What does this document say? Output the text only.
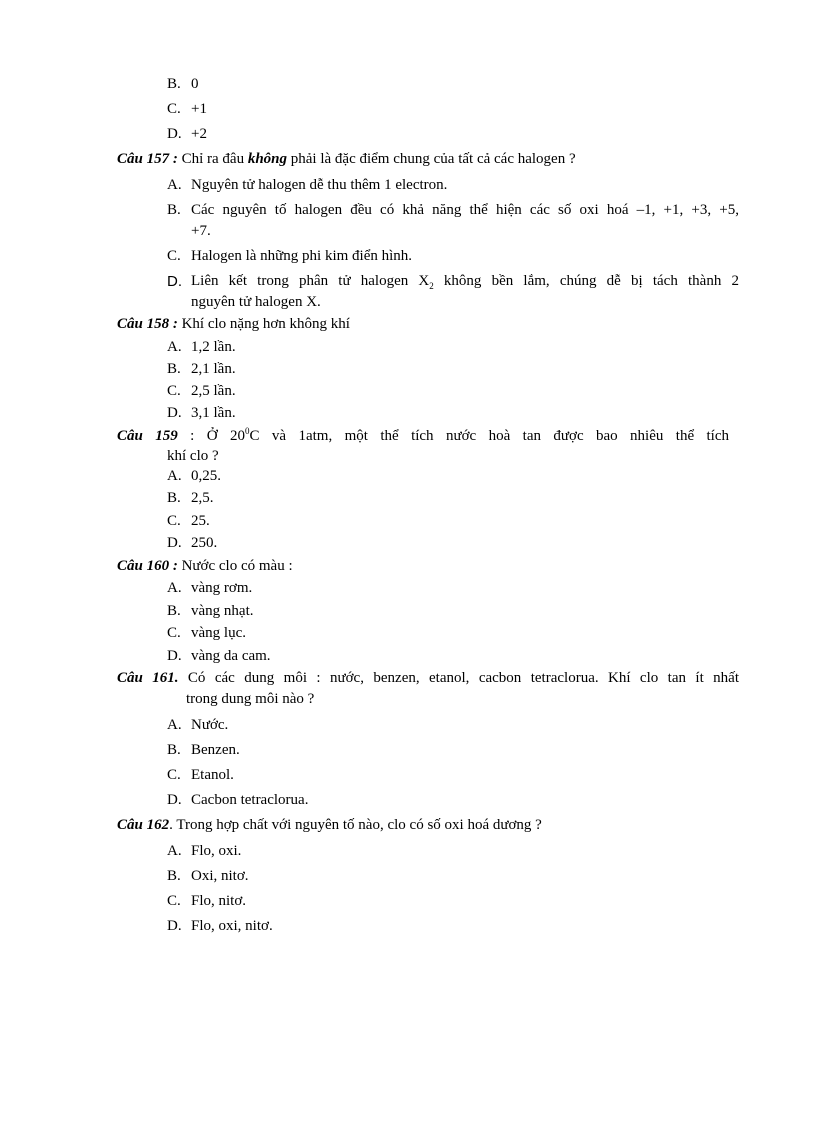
B. 0
C. +1
D. +2
Câu 157 : Chỉ ra đâu không phải là đặc điểm chung của tất cả các halogen ?
A. Nguyên tử halogen dễ thu thêm 1 electron.
B. Các nguyên tố halogen đều có khả năng thể hiện các số oxi hoá –1, +1, +3, +5,
+7.
C. Halogen là những phi kim điển hình.
D. Liên kết trong phân tử halogen $X_2$ không bền lắm, chúng dễ bị tách thành 2
nguyên tử halogen X.
Câu 158 : Khí clo nặng hơn không khí
A. 1,2 lần.
B. 2,1 lần.
C. 2,5 lần.
D. 3,1 lần.
Câu 159 : Ở $20^0C$ và 1atm, một thể tích nước hoà tan được bao nhiêu thể tích
khí clo ?
A. 0,25.
B. 2,5.
C. 25.
D. 250.
Câu 160 : Nước clo có màu :
A. vàng rơm.
B. vàng nhạt.
C. vàng lục.
D. vàng da cam.
Câu 161. Có các dung môi : nước, benzen, etanol, cacbon tetraclorua. Khí clo tan ít nhất
trong dung môi nào ?
A. Nước.
B. Benzen.
C. Etanol.
D. Cacbon tetraclorua.
Câu 162. Trong hợp chất với nguyên tố nào, clo có số oxi hoá dương ?
A. Flo, oxi.
B. Oxi, nitơ.
C. Flo, nitơ.
D. Flo, oxi, nitơ.
